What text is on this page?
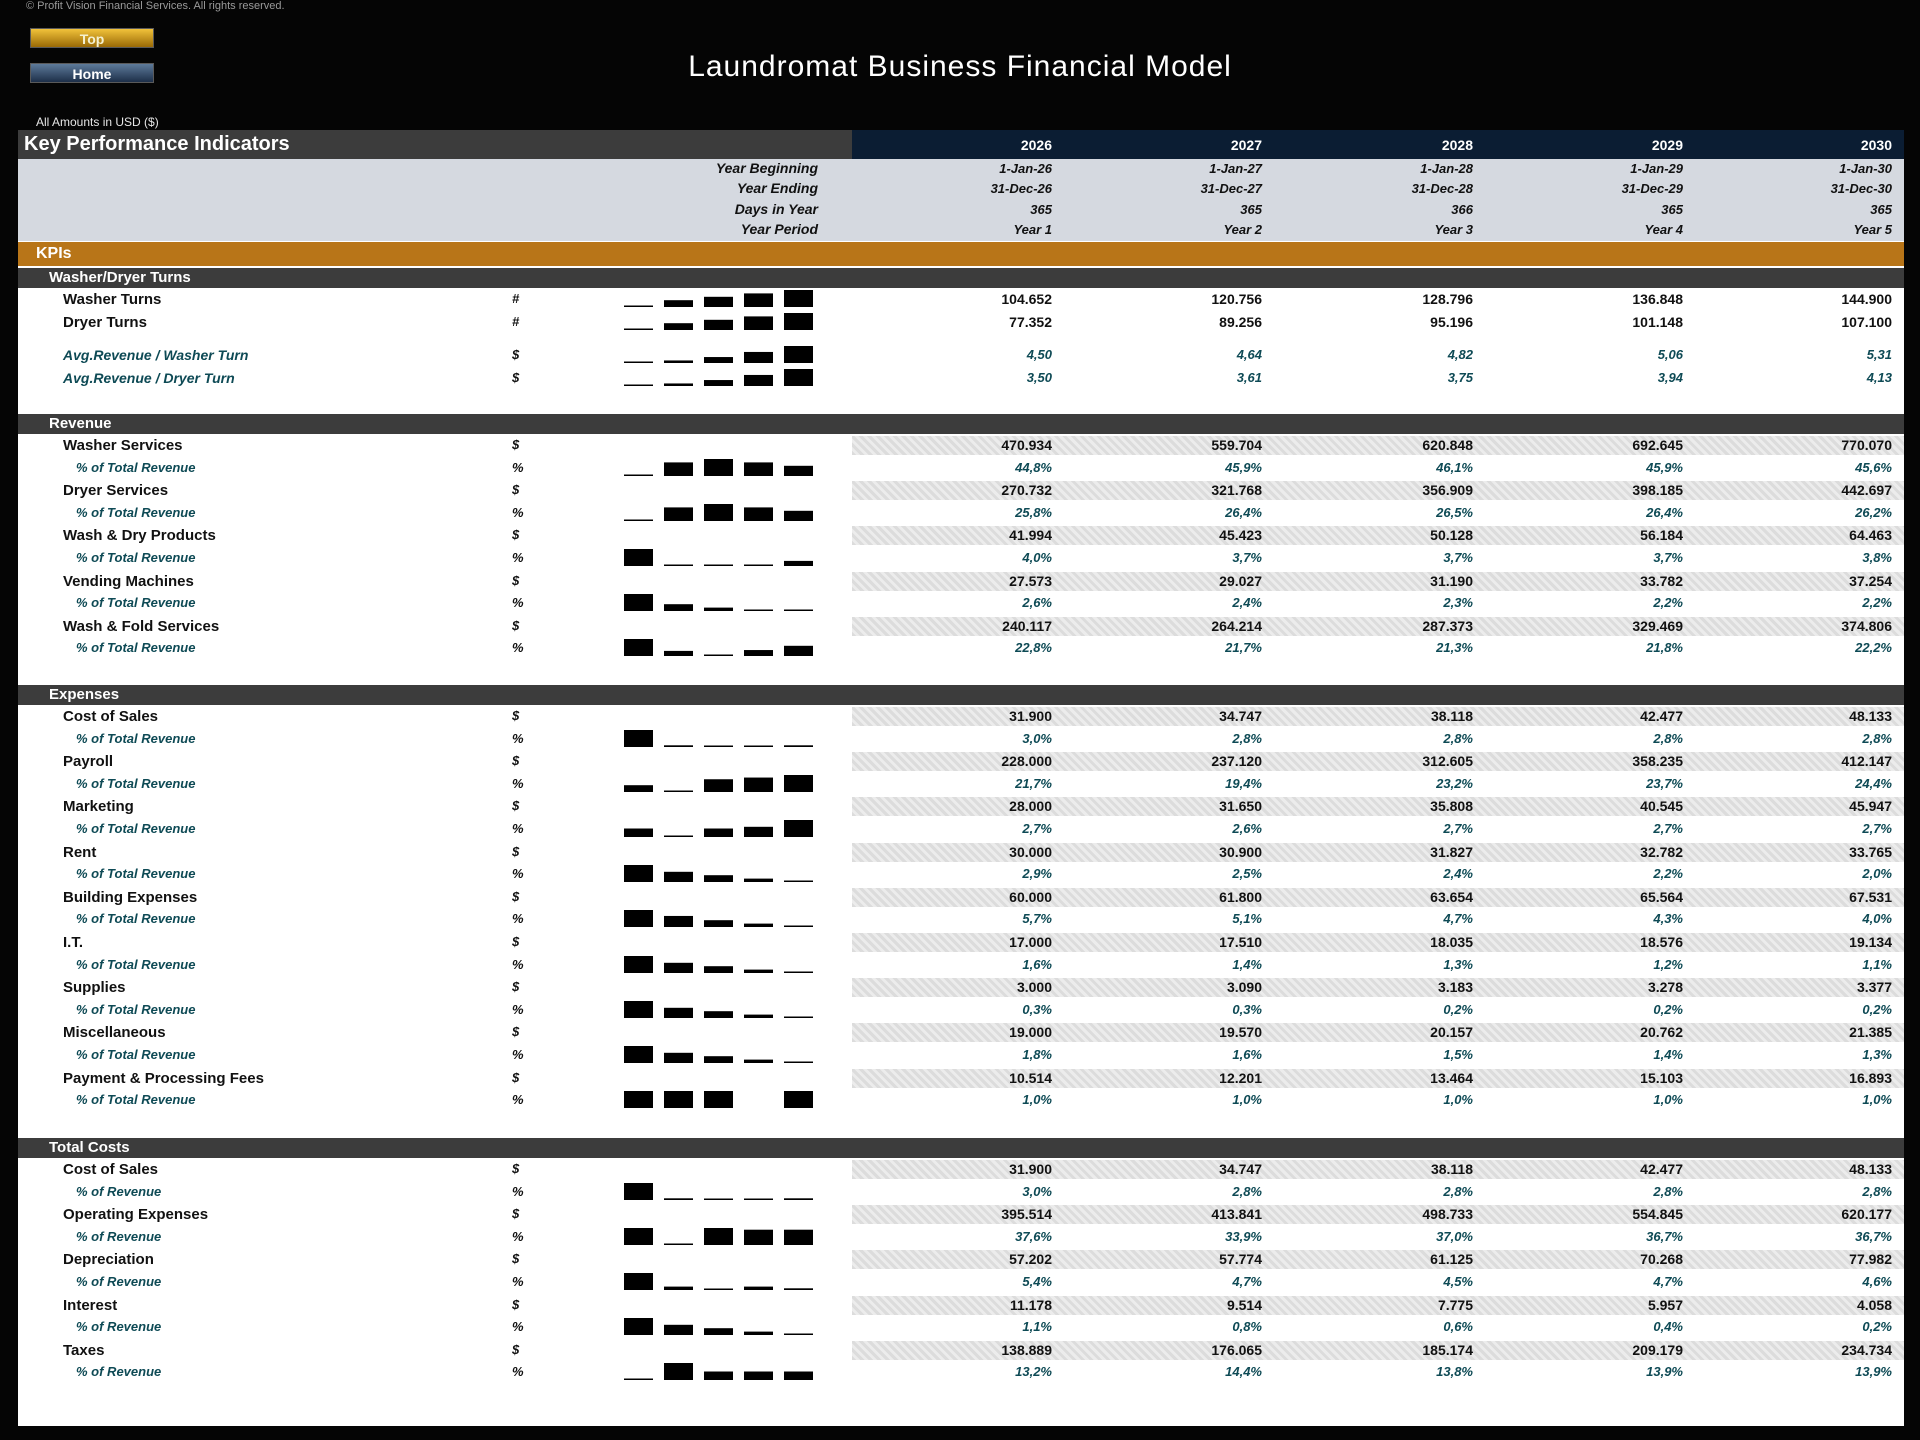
© Profit Vision Financial Services. All rights reserved.
Top
Home	Laundromat Business Financial Model
All Amounts in USD ($)
Key Performance Indicators
KPIs
2026	2027	2028	2029	2030
Year Beginning	1-Jan-26	1-Jan-27	1-Jan-28	1-Jan-29	1-Jan-30
Year Ending	31-Dec-26	31-Dec-27	31-Dec-28	31-Dec-29	31-Dec-30
Days in Year	365	365	366	365	365
Year Period	Year 1	Year 2	Year 3	Year 4	Year 5
Washer/Dryer Turns
Washer Turns	#	104.652	120.756	128.796	136.848	144.900
Dryer Turns	#	77.352	89.256	95.196	101.148	107.100
Avg.Revenue / Washer Turn	$	4,50	4,64	4,82	5,06	5,31
Avg.Revenue / Dryer Turn	$	3,50	3,61	3,75	3,94	4,13
Revenue
Washer Services	$	470.934	559.704	620.848	692.645	770.070
% of Total Revenue	%	44,8%	45,9%	46,1%	45,9%	45,6%
Dryer Services	$	270.732	321.768	356.909	398.185	442.697
% of Total Revenue	%	25,8%	26,4%	26,5%	26,4%	26,2%
Wash & Dry Products	$	41.994	45.423	50.128	56.184	64.463
% of Total Revenue	%	4,0%	3,7%	3,7%	3,7%	3,8%
Vending Machines	$	27.573	29.027	31.190	33.782	37.254
% of Total Revenue	%	2,6%	2,4%	2,3%	2,2%	2,2%
Wash & Fold Services	$	240.117	264.214	287.373	329.469	374.806
% of Total Revenue	%	22,8%	21,7%	21,3%	21,8%	22,2%
Expenses
Cost of Sales	$	31.900	34.747	38.118	42.477	48.133
% of Total Revenue	%	3,0%	2,8%	2,8%	2,8%	2,8%
Payroll	$	228.000	237.120	312.605	358.235	412.147
% of Total Revenue	%	21,7%	19,4%	23,2%	23,7%	24,4%
Marketing	$	28.000	31.650	35.808	40.545	45.947
% of Total Revenue	%	2,7%	2,6%	2,7%	2,7%	2,7%
Rent	$	30.000	30.900	31.827	32.782	33.765
% of Total Revenue	%	2,9%	2,5%	2,4%	2,2%	2,0%
Building Expenses	$	60.000	61.800	63.654	65.564	67.531
% of Total Revenue	%	5,7%	5,1%	4,7%	4,3%	4,0%
I.T.	$	17.000	17.510	18.035	18.576	19.134
% of Total Revenue	%	1,6%	1,4%	1,3%	1,2%	1,1%
Supplies	$	3.000	3.090	3.183	3.278	3.377
% of Total Revenue	%	0,3%	0,3%	0,2%	0,2%	0,2%
Miscellaneous	$	19.000	19.570	20.157	20.762	21.385
% of Total Revenue	%	1,8%	1,6%	1,5%	1,4%	1,3%
Payment & Processing Fees	$	10.514	12.201	13.464	15.103	16.893
% of Total Revenue	%	1,0%	1,0%	1,0%	1,0%	1,0%
Total Costs
Cost of Sales	$	31.900	34.747	38.118	42.477	48.133
% of Revenue	%	3,0%	2,8%	2,8%	2,8%	2,8%
Operating Expenses	$	395.514	413.841	498.733	554.845	620.177
% of Revenue	%	37,6%	33,9%	37,0%	36,7%	36,7%
Depreciation	$	57.202	57.774	61.125	70.268	77.982
% of Revenue	%	5,4%	4,7%	4,5%	4,7%	4,6%
Interest	$	11.178	9.514	7.775	5.957	4.058
% of Revenue	%	1,1%	0,8%	0,6%	0,4%	0,2%
Taxes	$	138.889	176.065	185.174	209.179	234.734
% of Revenue	%	13,2%	14,4%	13,8%	13,9%	13,9%
